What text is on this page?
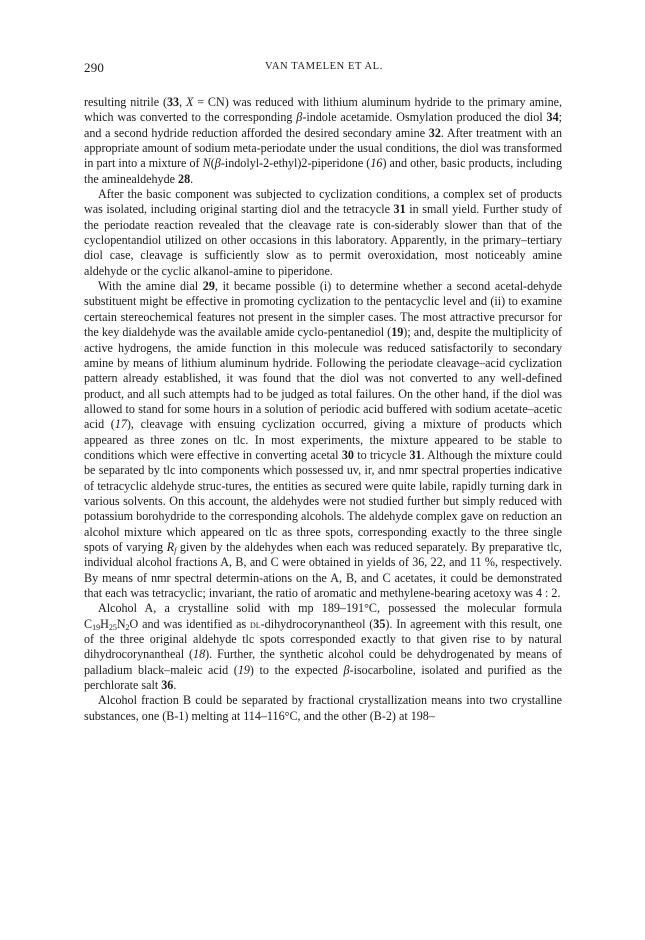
290	VAN TAMELEN ET AL.

resulting nitrile (33, X = CN) was reduced with lithium aluminum hydride to the primary amine, which was converted to the corresponding β-indole acetamide. Osmylation produced the diol 34; and a second hydride reduction afforded the desired secondary amine 32. After treatment with an appropriate amount of sodium meta-periodate under the usual conditions, the diol was transformed in part into a mixture of N(β-indolyl-2-ethyl)2-piperidone (16) and other, basic products, including the aminealdehyde 28.

After the basic component was subjected to cyclization conditions, a complex set of products was isolated, including original starting diol and the tetracycle 31 in small yield. Further study of the periodate reaction revealed that the cleavage rate is con-siderably slower than that of the cyclopentandiol utilized on other occasions in this laboratory. Apparently, in the primary–tertiary diol case, cleavage is sufficiently slow as to permit overoxidation, most noticeably amine aldehyde or the cyclic alkanol-amine to piperidone.

With the amine dial 29, it became possible (i) to determine whether a second acetal-dehyde substituent might be effective in promoting cyclization to the pentacyclic level and (ii) to examine certain stereochemical features not present in the simpler cases. The most attractive precursor for the key dialdehyde was the available amide cyclo-pentanediol (19); and, despite the multiplicity of active hydrogens, the amide function in this molecule was reduced satisfactorily to secondary amine by means of lithium aluminum hydride. Following the periodate cleavage–acid cyclization pattern already established, it was found that the diol was not converted to any well-defined product, and all such attempts had to be judged as total failures. On the other hand, if the diol was allowed to stand for some hours in a solution of periodic acid buffered with sodium acetate–acetic acid (17), cleavage with ensuing cyclization occurred, giving a mixture of products which appeared as three zones on tlc. In most experiments, the mixture appeared to be stable to conditions which were effective in converting acetal 30 to tricycle 31. Although the mixture could be separated by tlc into components which possessed uv, ir, and nmr spectral properties indicative of tetracyclic aldehyde struc-tures, the entities as secured were quite labile, rapidly turning dark in various solvents. On this account, the aldehydes were not studied further but simply reduced with potassium borohydride to the corresponding alcohols. The aldehyde complex gave on reduction an alcohol mixture which appeared on tlc as three spots, corresponding exactly to the three single spots of varying $R_f$ given by the aldehydes when each was reduced separately. By preparative tlc, individual alcohol fractions A, B, and C were obtained in yields of 36, 22, and 11 %, respectively. By means of nmr spectral determin-ations on the A, B, and C acetates, it could be demonstrated that each was tetracyclic; invariant, the ratio of aromatic and methylene-bearing acetoxy was 4 : 2.

Alcohol A, a crystalline solid with mp 189–191°C, possessed the molecular formula $C_{19}H_{25}N_2O$ and was identified as dl-dihydrocorynantheol (35). In agreement with this result, one of the three original aldehyde tlc spots corresponded exactly to that given rise to by natural dihydrocorynantheal (18). Further, the synthetic alcohol could be dehydrogenated by means of palladium black–maleic acid (19) to the expected β-isocarboline, isolated and purified as the perchlorate salt 36.

Alcohol fraction B could be separated by fractional crystallization means into two crystalline substances, one (B-1) melting at 114–116°C, and the other (B-2) at 198–
